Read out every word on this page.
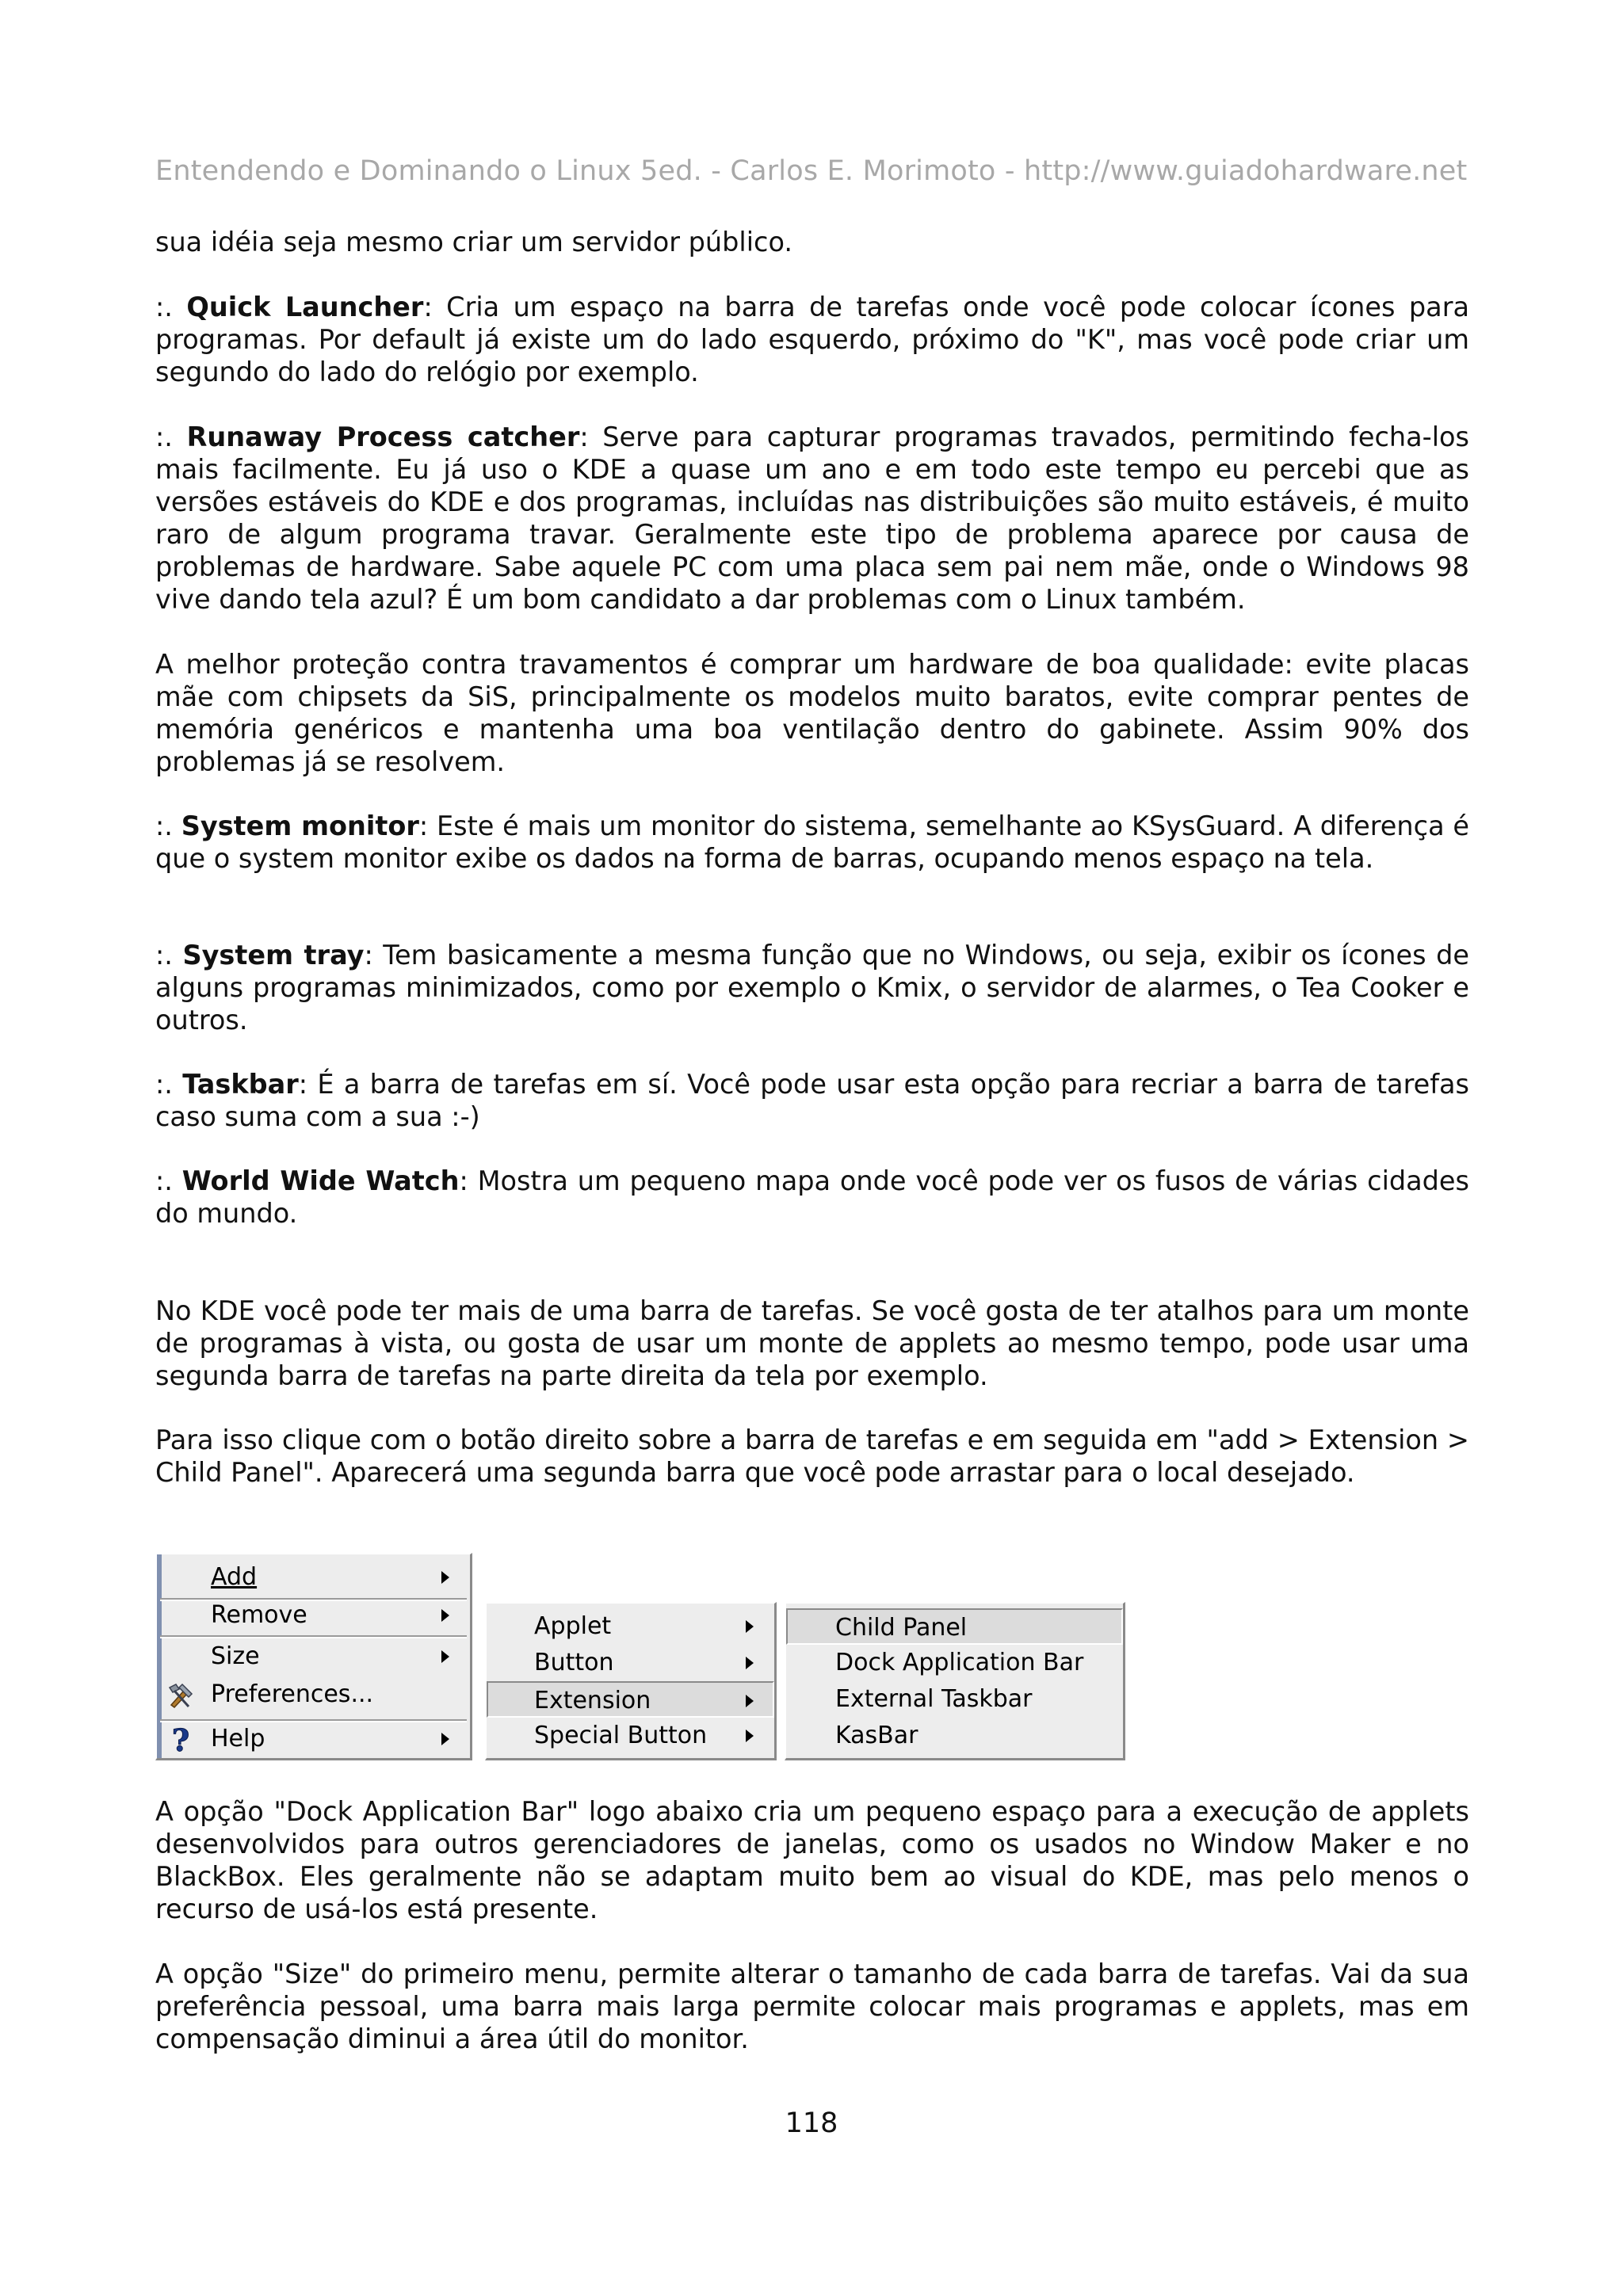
Entendendo e Dominando o Linux 5ed. - Carlos E. Morimoto - http://www.guiadohardware.net

sua idéia seja mesmo criar um servidor público.

:. Quick Launcher: Cria um espaço na barra de tarefas onde você pode colocar ícones para programas. Por default já existe um do lado esquerdo, próximo do "K", mas você pode criar um segundo do lado do relógio por exemplo.

:. Runaway Process catcher: Serve para capturar programas travados, permitindo fecha-los mais facilmente. Eu já uso o KDE a quase um ano e em todo este tempo eu percebi que as versões estáveis do KDE e dos programas, incluídas nas distribuições são muito estáveis, é muito raro de algum programa travar. Geralmente este tipo de problema aparece por causa de problemas de hardware. Sabe aquele PC com uma placa sem pai nem mãe, onde o Windows 98 vive dando tela azul? É um bom candidato a dar problemas com o Linux também.

A melhor proteção contra travamentos é comprar um hardware de boa qualidade: evite placas mãe com chipsets da SiS, principalmente os modelos muito baratos, evite comprar pentes de memória genéricos e mantenha uma boa ventilação dentro do gabinete. Assim 90% dos problemas já se resolvem.

:. System monitor: Este é mais um monitor do sistema, semelhante ao KSysGuard. A diferença é que o system monitor exibe os dados na forma de barras, ocupando menos espaço na tela.

:. System tray: Tem basicamente a mesma função que no Windows, ou seja, exibir os ícones de alguns programas minimizados, como por exemplo o Kmix, o servidor de alarmes, o Tea Cooker e outros.

:. Taskbar: É a barra de tarefas em sí. Você pode usar esta opção para recriar a barra de tarefas caso suma com a sua :-)

:. World Wide Watch: Mostra um pequeno mapa onde você pode ver os fusos de várias cidades do mundo.

No KDE você pode ter mais de uma barra de tarefas. Se você gosta de ter atalhos para um monte de programas à vista, ou gosta de usar um monte de applets ao mesmo tempo, pode usar uma segunda barra de tarefas na parte direita da tela por exemplo.

Para isso clique com o botão direito sobre a barra de tarefas e em seguida em "add > Extension > Child Panel". Aparecerá uma segunda barra que você pode arrastar para o local desejado.

Add
Remove
Size
Preferences...
? Help
Applet
Button
Extension
Special Button
Child Panel
Dock Application Bar
External Taskbar
KasBar

A opção "Dock Application Bar" logo abaixo cria um pequeno espaço para a execução de applets desenvolvidos para outros gerenciadores de janelas, como os usados no Window Maker e no BlackBox. Eles geralmente não se adaptam muito bem ao visual do KDE, mas pelo menos o recurso de usá-los está presente.

A opção "Size" do primeiro menu, permite alterar o tamanho de cada barra de tarefas. Vai da sua preferência pessoal, uma barra mais larga permite colocar mais programas e applets, mas em compensação diminui a área útil do monitor.

118
